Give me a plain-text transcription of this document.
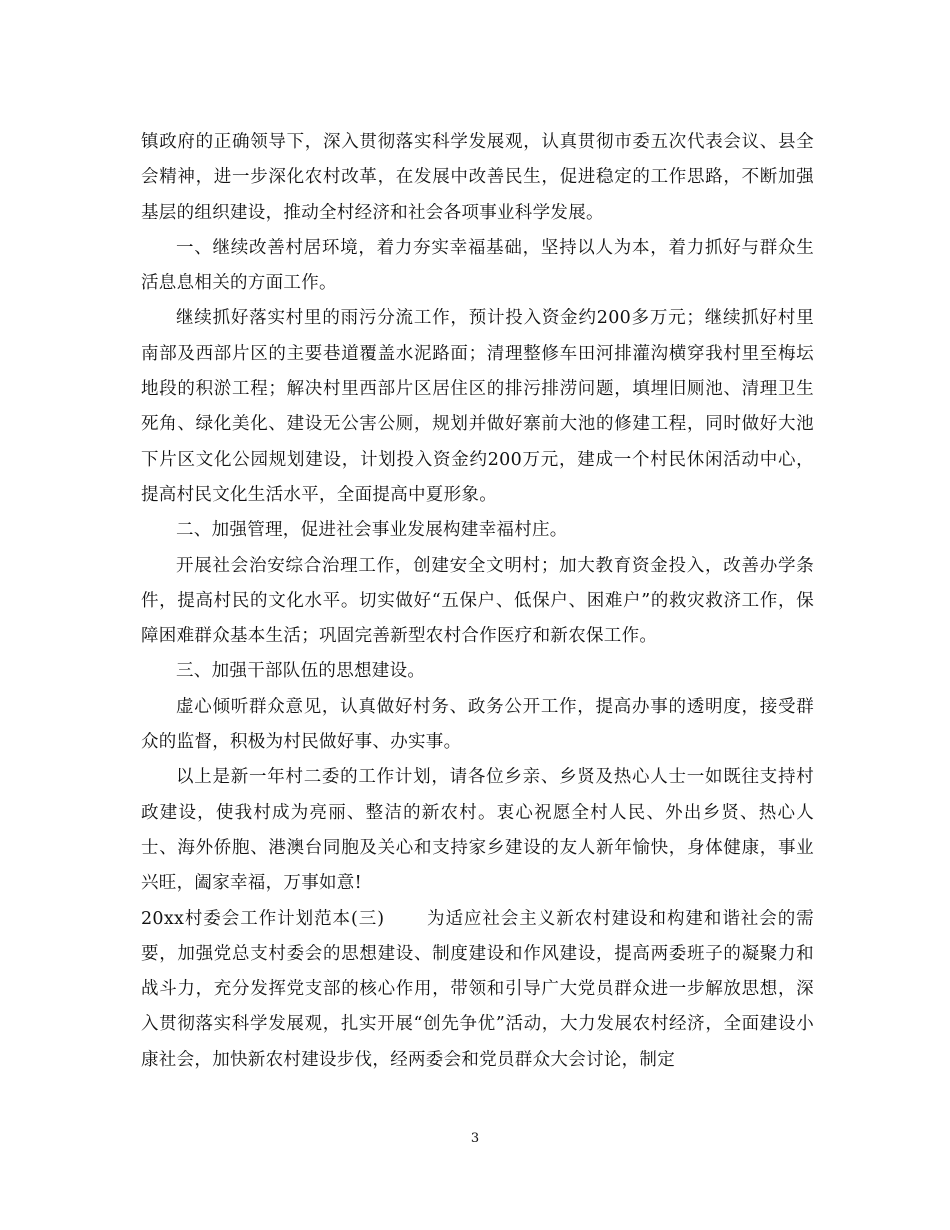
镇政府的正确领导下，深入贯彻落实科学发展观，认真贯彻市委五次代表会议、县全会精神，进一步深化农村改革，在发展中改善民生，促进稳定的工作思路，不断加强基层的组织建设，推动全村经济和社会各项事业科学发展。

一、继续改善村居环境，着力夯实幸福基础，坚持以人为本，着力抓好与群众生活息息相关的方面工作。

继续抓好落实村里的雨污分流工作，预计投入资金约200多万元；继续抓好村里南部及西部片区的主要巷道覆盖水泥路面；清理整修车田河排灌沟横穿我村里至梅坛地段的积淤工程；解决村里西部片区居住区的排污排涝问题，填埋旧厕池、清理卫生死角、绿化美化、建设无公害公厕，规划并做好寨前大池的修建工程，同时做好大池下片区文化公园规划建设，计划投入资金约200万元，建成一个村民休闲活动中心，提高村民文化生活水平，全面提高中夏形象。

二、加强管理，促进社会事业发展构建幸福村庄。

开展社会治安综合治理工作，创建安全文明村；加大教育资金投入，改善办学条件，提高村民的文化水平。切实做好“五保户、低保户、困难户”的救灾救济工作，保障困难群众基本生活；巩固完善新型农村合作医疗和新农保工作。

三、加强干部队伍的思想建设。

虚心倾听群众意见，认真做好村务、政务公开工作，提高办事的透明度，接受群众的监督，积极为村民做好事、办实事。

以上是新一年村二委的工作计划，请各位乡亲、乡贤及热心人士一如既往支持村政建设，使我村成为亮丽、整洁的新农村。衷心祝愿全村人民、外出乡贤、热心人士、海外侨胞、港澳台同胞及关心和支持家乡建设的友人新年愉快，身体健康，事业兴旺，阖家幸福，万事如意!

20xx村委会工作计划范本(三) 为适应社会主义新农村建设和构建和谐社会的需要，加强党总支村委会的思想建设、制度建设和作风建设，提高两委班子的凝聚力和战斗力，充分发挥党支部的核心作用，带领和引导广大党员群众进一步解放思想，深入贯彻落实科学发展观，扎实开展“创先争优”活动，大力发展农村经济，全面建设小康社会，加快新农村建设步伐，经两委会和党员群众大会讨论，制定

3
